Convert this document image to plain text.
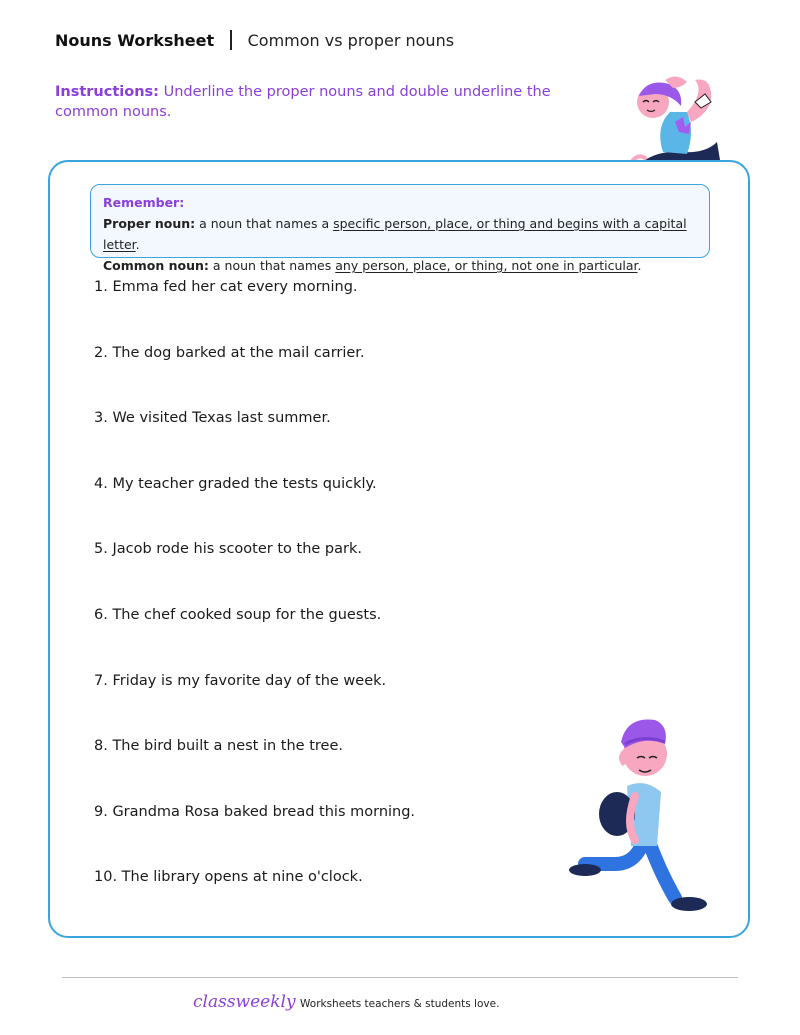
Nouns Worksheet Common vs proper nouns
Instructions: Underline the proper nouns and double underline the common nouns.
Remember:
Proper noun: a noun that names a specific person, place, or thing and begins with a capital letter.
Common noun: a noun that names any person, place, or thing, not one in particular.
1. Emma fed her cat every morning.
2. The dog barked at the mail carrier.
3. We visited Texas last summer.
4. My teacher graded the tests quickly.
5. Jacob rode his scooter to the park.
6. The chef cooked soup for the guests.
7. Friday is my favorite day of the week.
8. The bird built a nest in the tree.
9. Grandma Rosa baked bread this morning.
10. The library opens at nine o'clock.
classweekly Worksheets teachers & students love.
